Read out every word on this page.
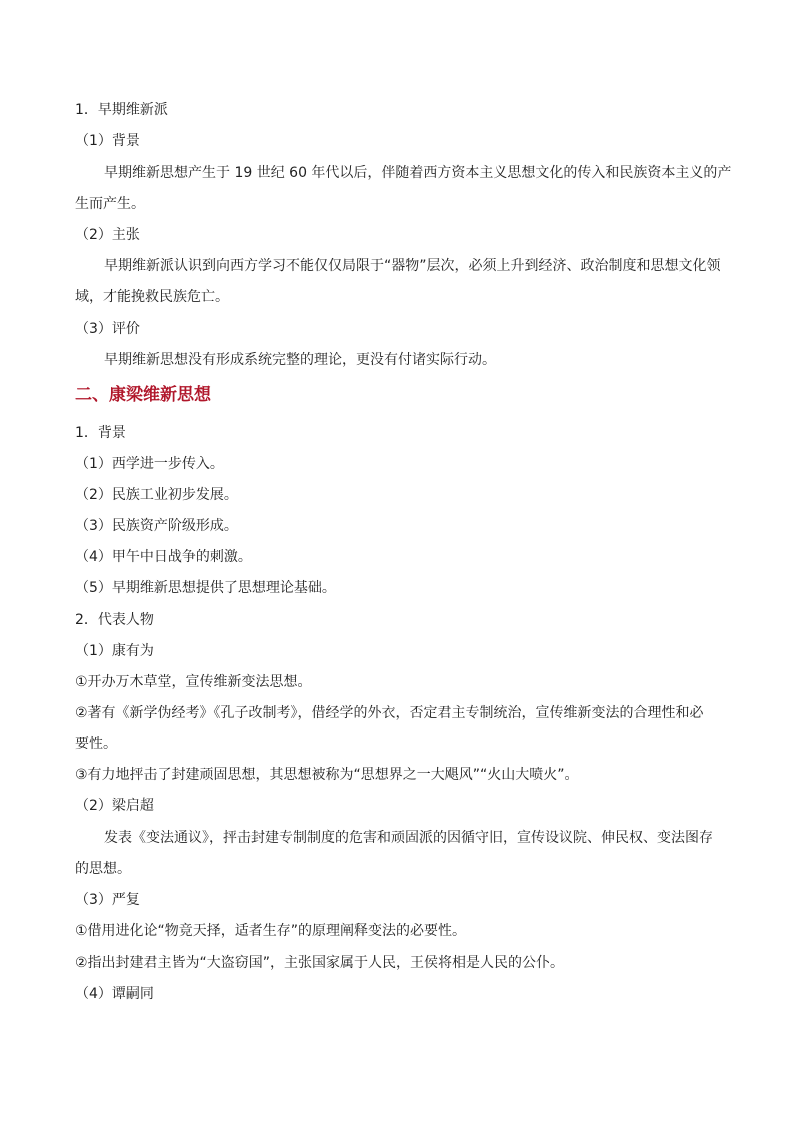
1．早期维新派
（1）背景
早期维新思想产生于 19 世纪 60 年代以后，伴随着西方资本主义思想文化的传入和民族资本主义的产
生而产生。
（2）主张
早期维新派认识到向西方学习不能仅仅局限于“器物”层次，必须上升到经济、政治制度和思想文化领
域，才能挽救民族危亡。
（3）评价
早期维新思想没有形成系统完整的理论，更没有付诸实际行动。
二、康梁维新思想
1．背景
（1）西学进一步传入。
（2）民族工业初步发展。
（3）民族资产阶级形成。
（4）甲午中日战争的刺激。
（5）早期维新思想提供了思想理论基础。
2．代表人物
（1）康有为
①开办万木草堂，宣传维新变法思想。
②著有《新学伪经考》《孔子改制考》，借经学的外衣，否定君主专制统治，宣传维新变法的合理性和必
要性。
③有力地抨击了封建顽固思想，其思想被称为“思想界之一大飓风”“火山大喷火”。
（2）梁启超
发表《变法通议》，抨击封建专制制度的危害和顽固派的因循守旧，宣传设议院、伸民权、变法图存
的思想。
（3）严复
①借用进化论“物竞天择，适者生存”的原理阐释变法的必要性。
②指出封建君主皆为“大盗窃国”，主张国家属于人民，王侯将相是人民的公仆。
（4）谭嗣同
